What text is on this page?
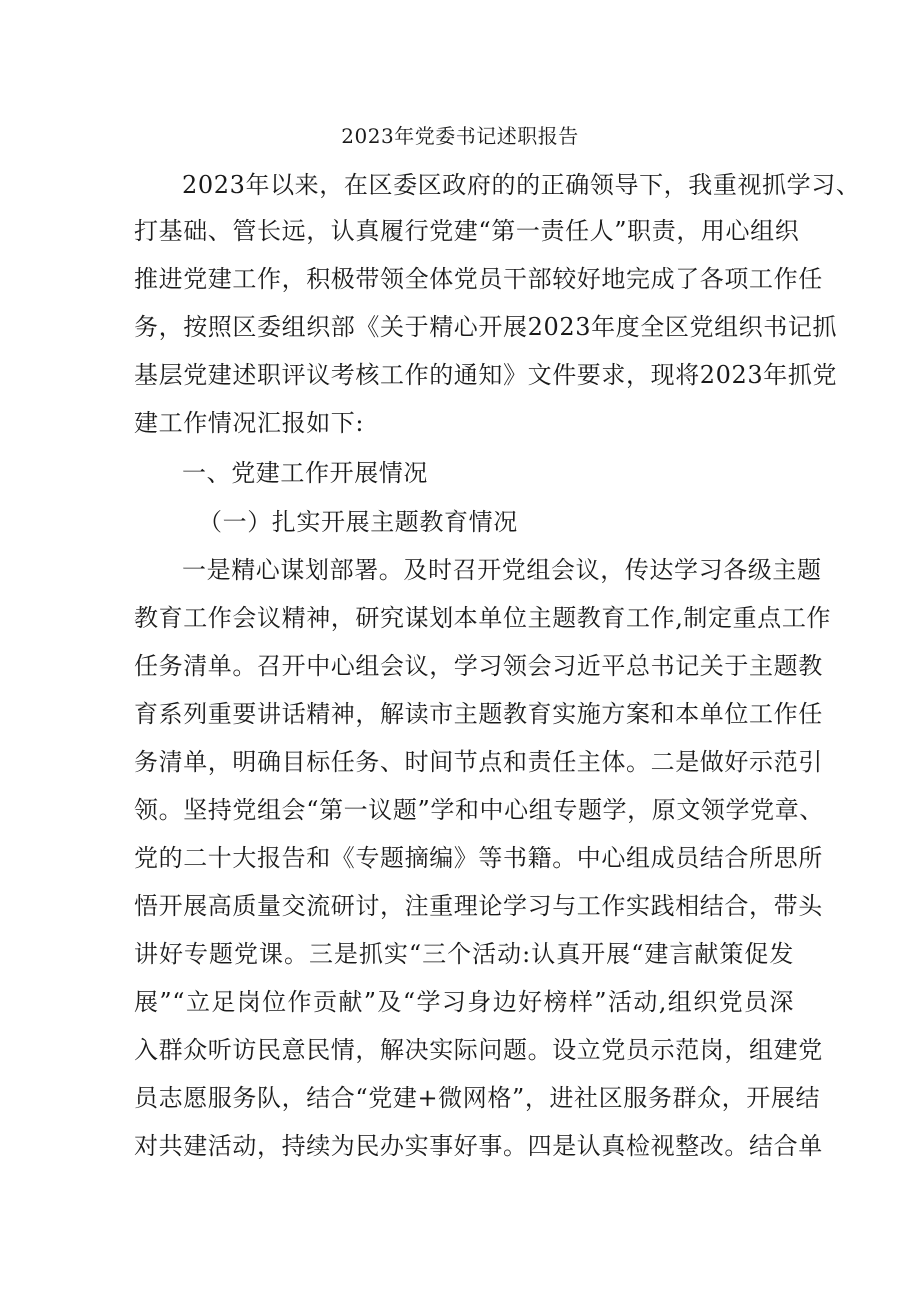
2023年党委书记述职报告
2023年以来，在区委区政府的的正确领导下，我重视抓学习、
打基础、管长远，认真履行党建“第一责任人”职责，用心组织
推进党建工作，积极带领全体党员干部较好地完成了各项工作任
务，按照区委组织部《关于精心开展2023年度全区党组织书记抓
基层党建述职评议考核工作的通知》文件要求，现将2023年抓党
建工作情况汇报如下:
一、党建工作开展情况
（一）扎实开展主题教育情况
一是精心谋划部署。及时召开党组会议，传达学习各级主题
教育工作会议精神，研究谋划本单位主题教育工作,制定重点工作
任务清单。召开中心组会议，学习领会习近平总书记关于主题教
育系列重要讲话精神，解读市主题教育实施方案和本单位工作任
务清单，明确目标任务、时间节点和责任主体。二是做好示范引
领。坚持党组会“第一议题”学和中心组专题学，原文领学党章、
党的二十大报告和《专题摘编》等书籍。中心组成员结合所思所
悟开展高质量交流研讨，注重理论学习与工作实践相结合，带头
讲好专题党课。三是抓实“三个活动:认真开展“建言献策促发
展”“立足岗位作贡献”及“学习身边好榜样”活动,组织党员深
入群众听访民意民情，解决实际问题。设立党员示范岗，组建党
员志愿服务队，结合“党建+微网格”，进社区服务群众，开展结
对共建活动，持续为民办实事好事。四是认真检视整改。结合单
